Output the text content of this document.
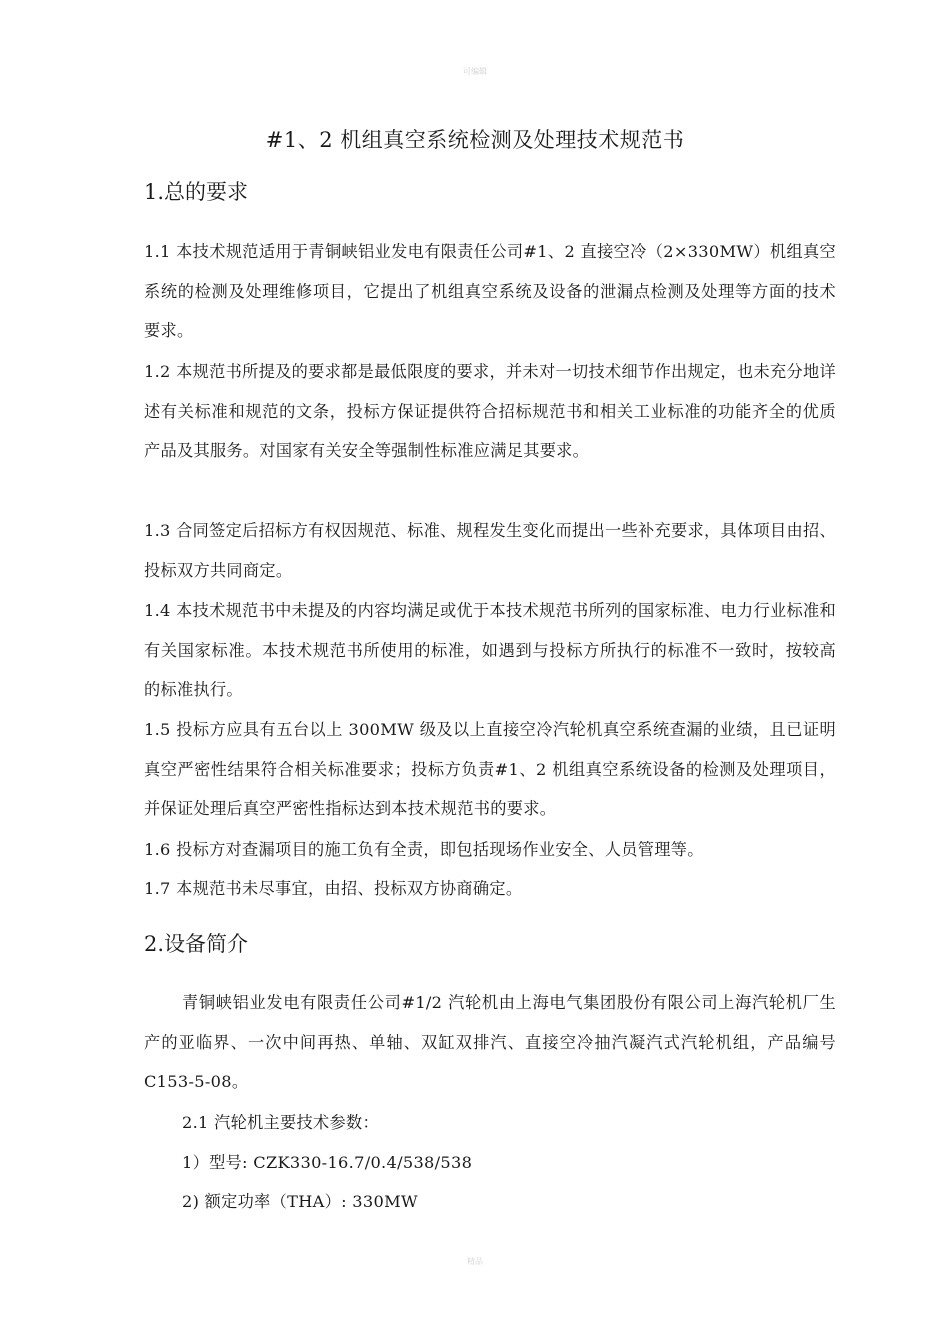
可编辑
#1、2 机组真空系统检测及处理技术规范书
1.总的要求

1.1 本技术规范适用于青铜峡铝业发电有限责任公司#1、2 直接空冷（2×330MW）机组真空系统的检测及处理维修项目，它提出了机组真空系统及设备的泄漏点检测及处理等方面的技术要求。

1.2 本规范书所提及的要求都是最低限度的要求，并未对一切技术细节作出规定，也未充分地详述有关标准和规范的文条，投标方保证提供符合招标规范书和相关工业标准的功能齐全的优质产品及其服务。对国家有关安全等强制性标准应满足其要求。

1.3 合同签定后招标方有权因规范、标准、规程发生变化而提出一些补充要求，具体项目由招、投标双方共同商定。

1.4 本技术规范书中未提及的内容均满足或优于本技术规范书所列的国家标准、电力行业标准和有关国家标准。本技术规范书所使用的标准，如遇到与投标方所执行的标准不一致时，按较高的标准执行。

1.5 投标方应具有五台以上 300MW 级及以上直接空冷汽轮机真空系统查漏的业绩，且已证明真空严密性结果符合相关标准要求；投标方负责#1、2 机组真空系统设备的检测及处理项目，并保证处理后真空严密性指标达到本技术规范书的要求。

1.6 投标方对查漏项目的施工负有全责，即包括现场作业安全、人员管理等。

1.7 本规范书未尽事宜，由招、投标双方协商确定。

2.设备简介

青铜峡铝业发电有限责任公司#1/2 汽轮机由上海电气集团股份有限公司上海汽轮机厂生产的亚临界、一次中间再热、单轴、双缸双排汽、直接空冷抽汽凝汽式汽轮机组，产品编号 C153-5-08。

2.1 汽轮机主要技术参数：

1）型号: CZK330-16.7/0.4/538/538

2) 额定功率（THA）: 330MW

精品
